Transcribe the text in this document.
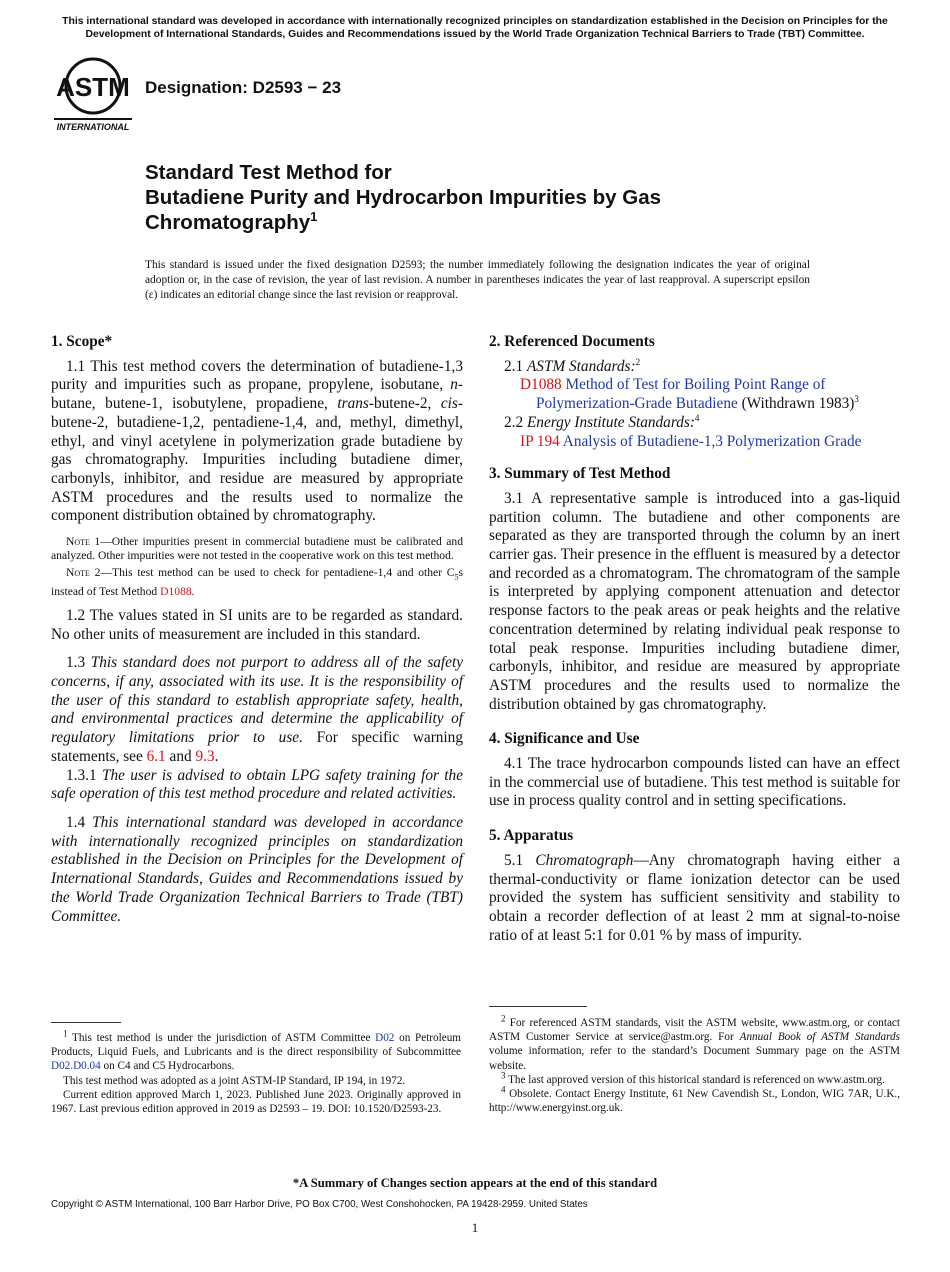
This international standard was developed in accordance with internationally recognized principles on standardization established in the Decision on Principles for the Development of International Standards, Guides and Recommendations issued by the World Trade Organization Technical Barriers to Trade (TBT) Committee.
ASTM
INTERNATIONAL
Designation: D2593 − 23
Standard Test Method for
Butadiene Purity and Hydrocarbon Impurities by Gas
Chromatography$^1$
This standard is issued under the fixed designation D2593; the number immediately following the designation indicates the year of original adoption or, in the case of revision, the year of last revision. A number in parentheses indicates the year of last reapproval. A superscript epsilon (ε) indicates an editorial change since the last revision or reapproval.
1. Scope*

1.1 This test method covers the determination of butadiene-1,3 purity and impurities such as propane, propylene, isobutane, n-butane, butene-1, isobutylene, propadiene, trans-butene-2, cis-butene-2, butadiene-1,2, pentadiene-1,4, and, methyl, dimethyl, ethyl, and vinyl acetylene in polymerization grade butadiene by gas chromatography. Impurities including butadiene dimer, carbonyls, inhibitor, and residue are measured by appropriate ASTM procedures and the results used to normalize the component distribution obtained by chromatography.

Note 1—Other impurities present in commercial butadiene must be calibrated and analyzed. Other impurities were not tested in the cooperative work on this test method.

Note 2—This test method can be used to check for pentadiene-1,4 and other $C_5s$ instead of Test Method D1088.

1.2 The values stated in SI units are to be regarded as standard. No other units of measurement are included in this standard.

1.3 This standard does not purport to address all of the safety concerns, if any, associated with its use. It is the responsibility of the user of this standard to establish appropriate safety, health, and environmental practices and determine the applicability of regulatory limitations prior to use. For specific warning statements, see 6.1 and 9.3.

1.3.1 The user is advised to obtain LPG safety training for the safe operation of this test method procedure and related activities.

1.4 This international standard was developed in accordance with internationally recognized principles on standardization established in the Decision on Principles for the Development of International Standards, Guides and Recommendations issued by the World Trade Organization Technical Barriers to Trade (TBT) Committee.

2. Referenced Documents

2.1 ASTM Standards:$^2$

D1088 Method of Test for Boiling Point Range of Polymerization-Grade Butadiene (Withdrawn 1983)$^3$

2.2 Energy Institute Standards:$^4$

IP 194 Analysis of Butadiene-1,3 Polymerization Grade

3. Summary of Test Method

3.1 A representative sample is introduced into a gas-liquid partition column. The butadiene and other components are separated as they are transported through the column by an inert carrier gas. Their presence in the effluent is measured by a detector and recorded as a chromatogram. The chromatogram of the sample is interpreted by applying component attenuation and detector response factors to the peak areas or peak heights and the relative concentration determined by relating individual peak response to total peak response. Impurities including butadiene dimer, carbonyls, inhibitor, and residue are measured by appropriate ASTM procedures and the results used to normalize the distribution obtained by gas chromatography.

4. Significance and Use

4.1 The trace hydrocarbon compounds listed can have an effect in the commercial use of butadiene. This test method is suitable for use in process quality control and in setting specifications.

5. Apparatus

5.1 Chromatograph—Any chromatograph having either a thermal-conductivity or flame ionization detector can be used provided the system has sufficient sensitivity and stability to obtain a recorder deflection of at least 2 mm at signal-to-noise ratio of at least 5:1 for 0.01 % by mass of impurity.

$^1$ This test method is under the jurisdiction of ASTM Committee D02 on Petroleum Products, Liquid Fuels, and Lubricants and is the direct responsibility of Subcommittee D02.D0.04 on C4 and C5 Hydrocarbons.

This test method was adopted as a joint ASTM-IP Standard, IP 194, in 1972.

Current edition approved March 1, 2023. Published June 2023. Originally approved in 1967. Last previous edition approved in 2019 as D2593 – 19. DOI: 10.1520/D2593-23.

$^2$ For referenced ASTM standards, visit the ASTM website, www.astm.org, or contact ASTM Customer Service at service@astm.org. For Annual Book of ASTM Standards volume information, refer to the standard’s Document Summary page on the ASTM website.

$^3$ The last approved version of this historical standard is referenced on www.astm.org.

$^4$ Obsolete. Contact Energy Institute, 61 New Cavendish St., London, WIG 7AR, U.K., http://www.energyinst.org.uk.

*A Summary of Changes section appears at the end of this standard
Copyright © ASTM International, 100 Barr Harbor Drive, PO Box C700, West Conshohocken, PA 19428-2959. United States
1
